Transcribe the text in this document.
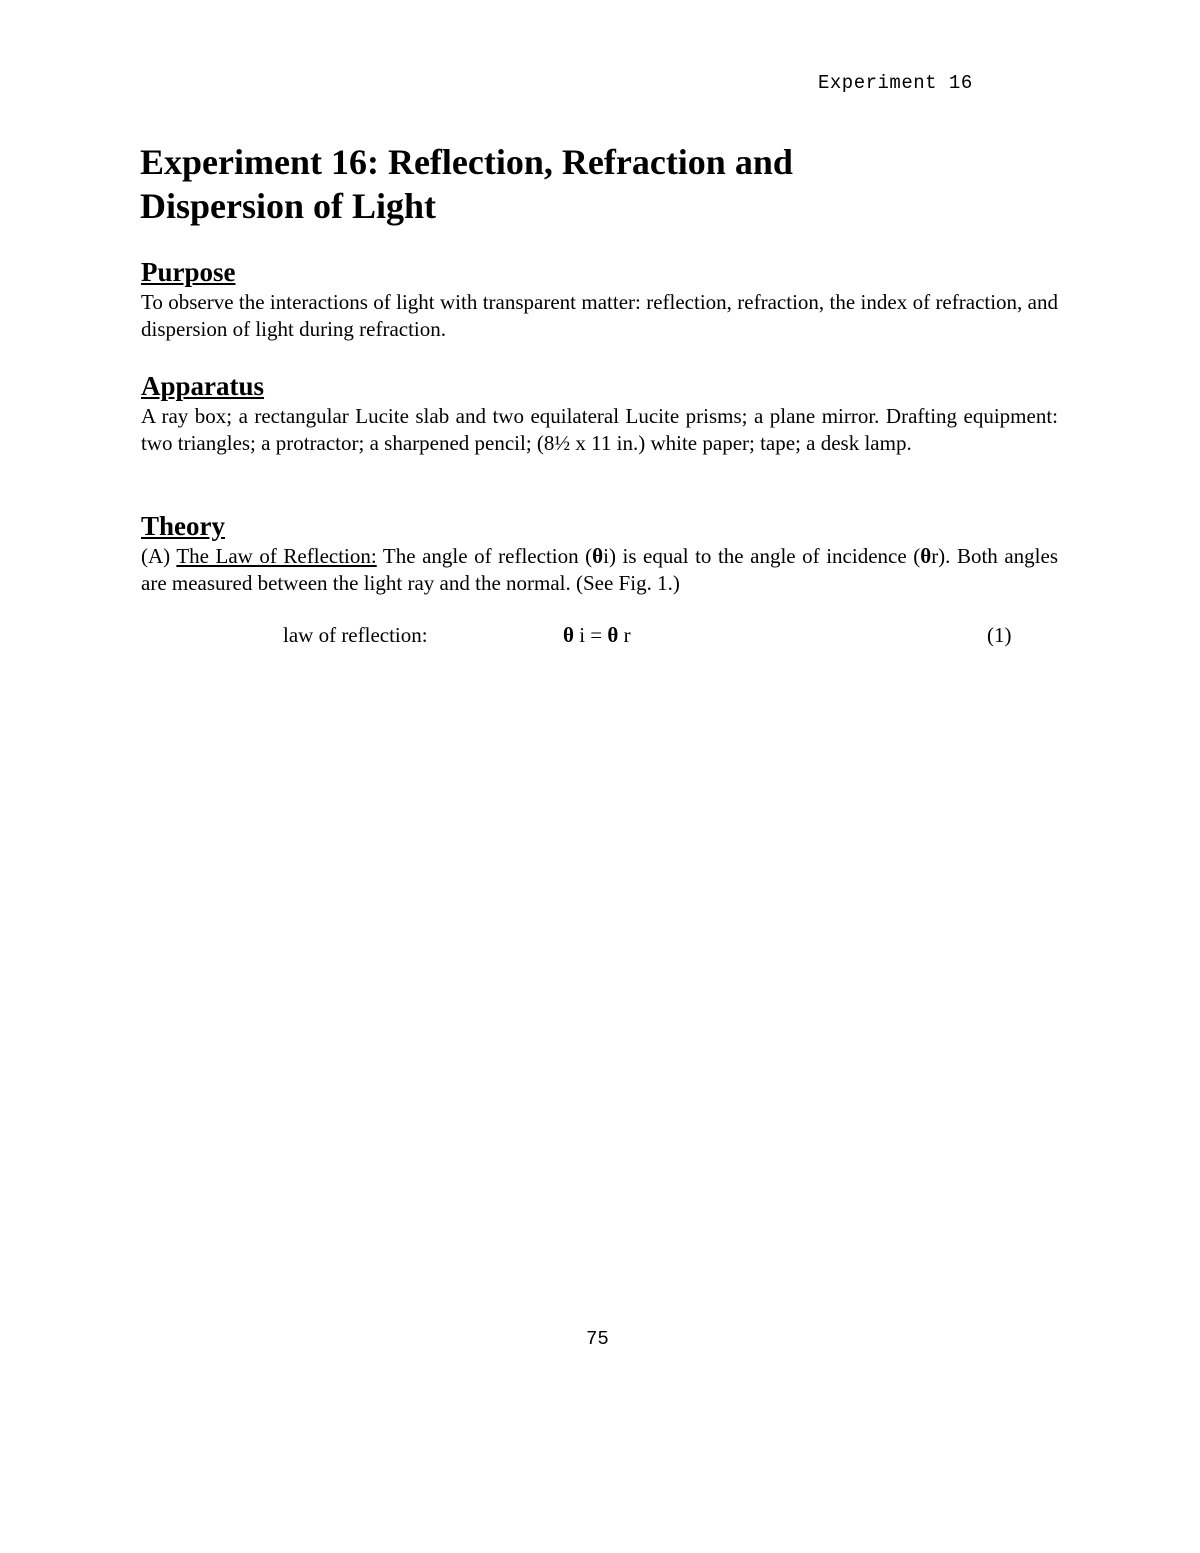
Experiment 16
Experiment 16: Reflection, Refraction and
Dispersion of Light
Purpose

To observe the interactions of light with transparent matter: reflection, refraction, the index of refraction, and dispersion of light during refraction.

Apparatus

A ray box; a rectangular Lucite slab and two equilateral Lucite prisms; a plane mirror. Drafting equipment: two triangles; a protractor; a sharpened pencil; (8½ x 11 in.) white paper; tape; a desk lamp.

Theory

(A) The Law of Reflection: The angle of reflection (θi) is equal to the angle of incidence (θr). Both angles are measured between the light ray and the normal. (See Fig. 1.)

law of reflection:	θ i = θ r	(1)
75
